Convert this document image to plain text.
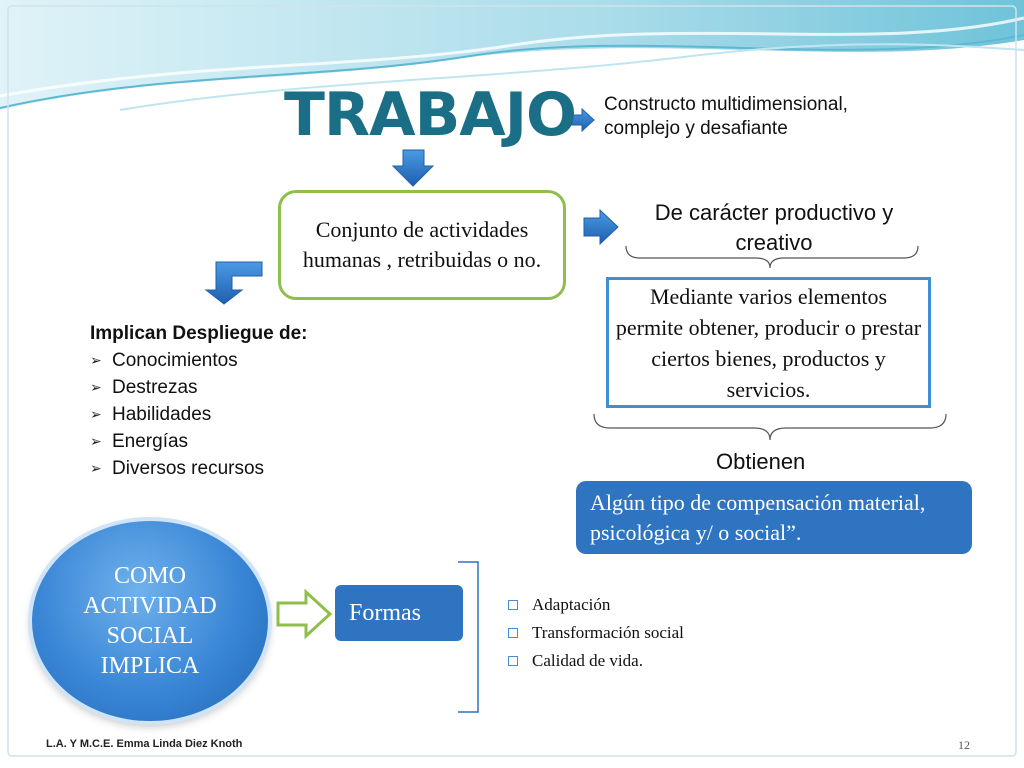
TRABAJO Constructo multidimensional, complejo y desafiante
Conjunto de actividades humanas , retribuidas o no.
De carácter productivo y creativo
Mediante varios elementos permite obtener, producir o prestar ciertos bienes, productos y servicios.
Implican Despliegue de:
➢ Conocimientos
➢ Destrezas
➢ Habilidades
➢ Energías
➢ Diversos recursos	Obtienen
Algún tipo de compensación material, psicológica y/ o social”.
COMO ACTIVIDAD SOCIAL IMPLICA
Formas	Adaptación
Transformación social
Calidad de vida.
L.A. Y M.C.E. Emma Linda Diez Knoth	12
